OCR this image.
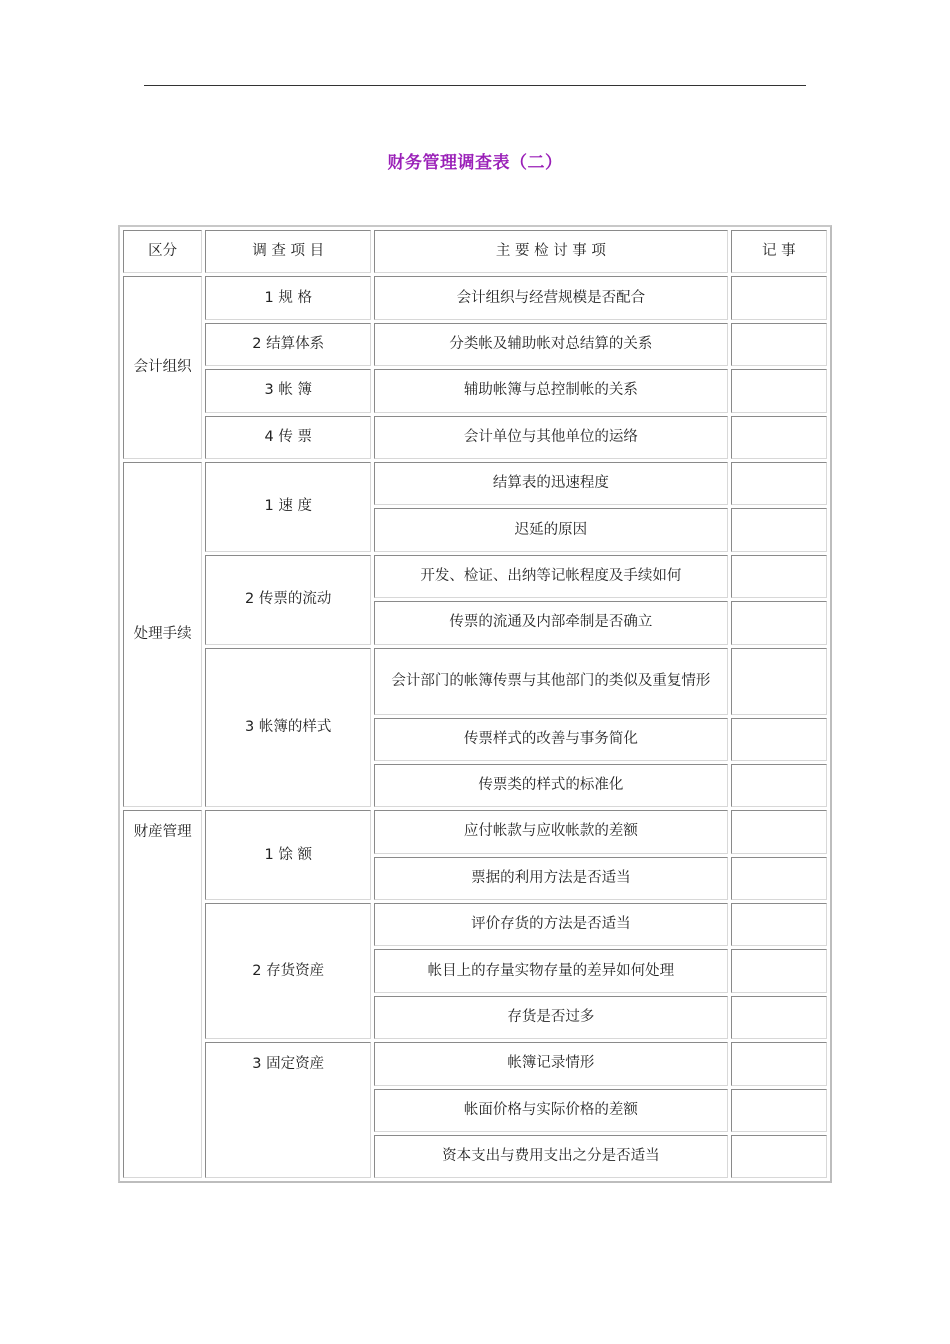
财务管理调查表（二）
区分	调 查 项 目	主 要 检 讨 事 项	记 事
会计组织	1 规 格	会计组织与经营规模是否配合	
	2 结算体系	分类帐及辅助帐对总结算的关系	
	3 帐 簿	辅助帐簿与总控制帐的关系	
	4 传 票	会计单位与其他单位的运络	
处理手续	1 速 度	结算表的迅速程度	
		迟延的原因	
	2 传票的流动	开发、检证、出纳等记帐程度及手续如何	
		传票的流通及内部牵制是否确立	
	3 帐簿的样式	会计部门的帐簿传票与其他部门的类似及重复情形	
		传票样式的改善与事务简化	
		传票类的样式的标准化	
财産管理	1 馀 额	应付帐款与应收帐款的差额	
		票据的利用方法是否适当	
	2 存货资産	评价存货的方法是否适当	
		帐目上的存量实物存量的差异如何处理	
		存货是否过多	
	3 固定资産	帐簿记录情形	
		帐面价格与实际价格的差额	
		资本支出与费用支出之分是否适当	
